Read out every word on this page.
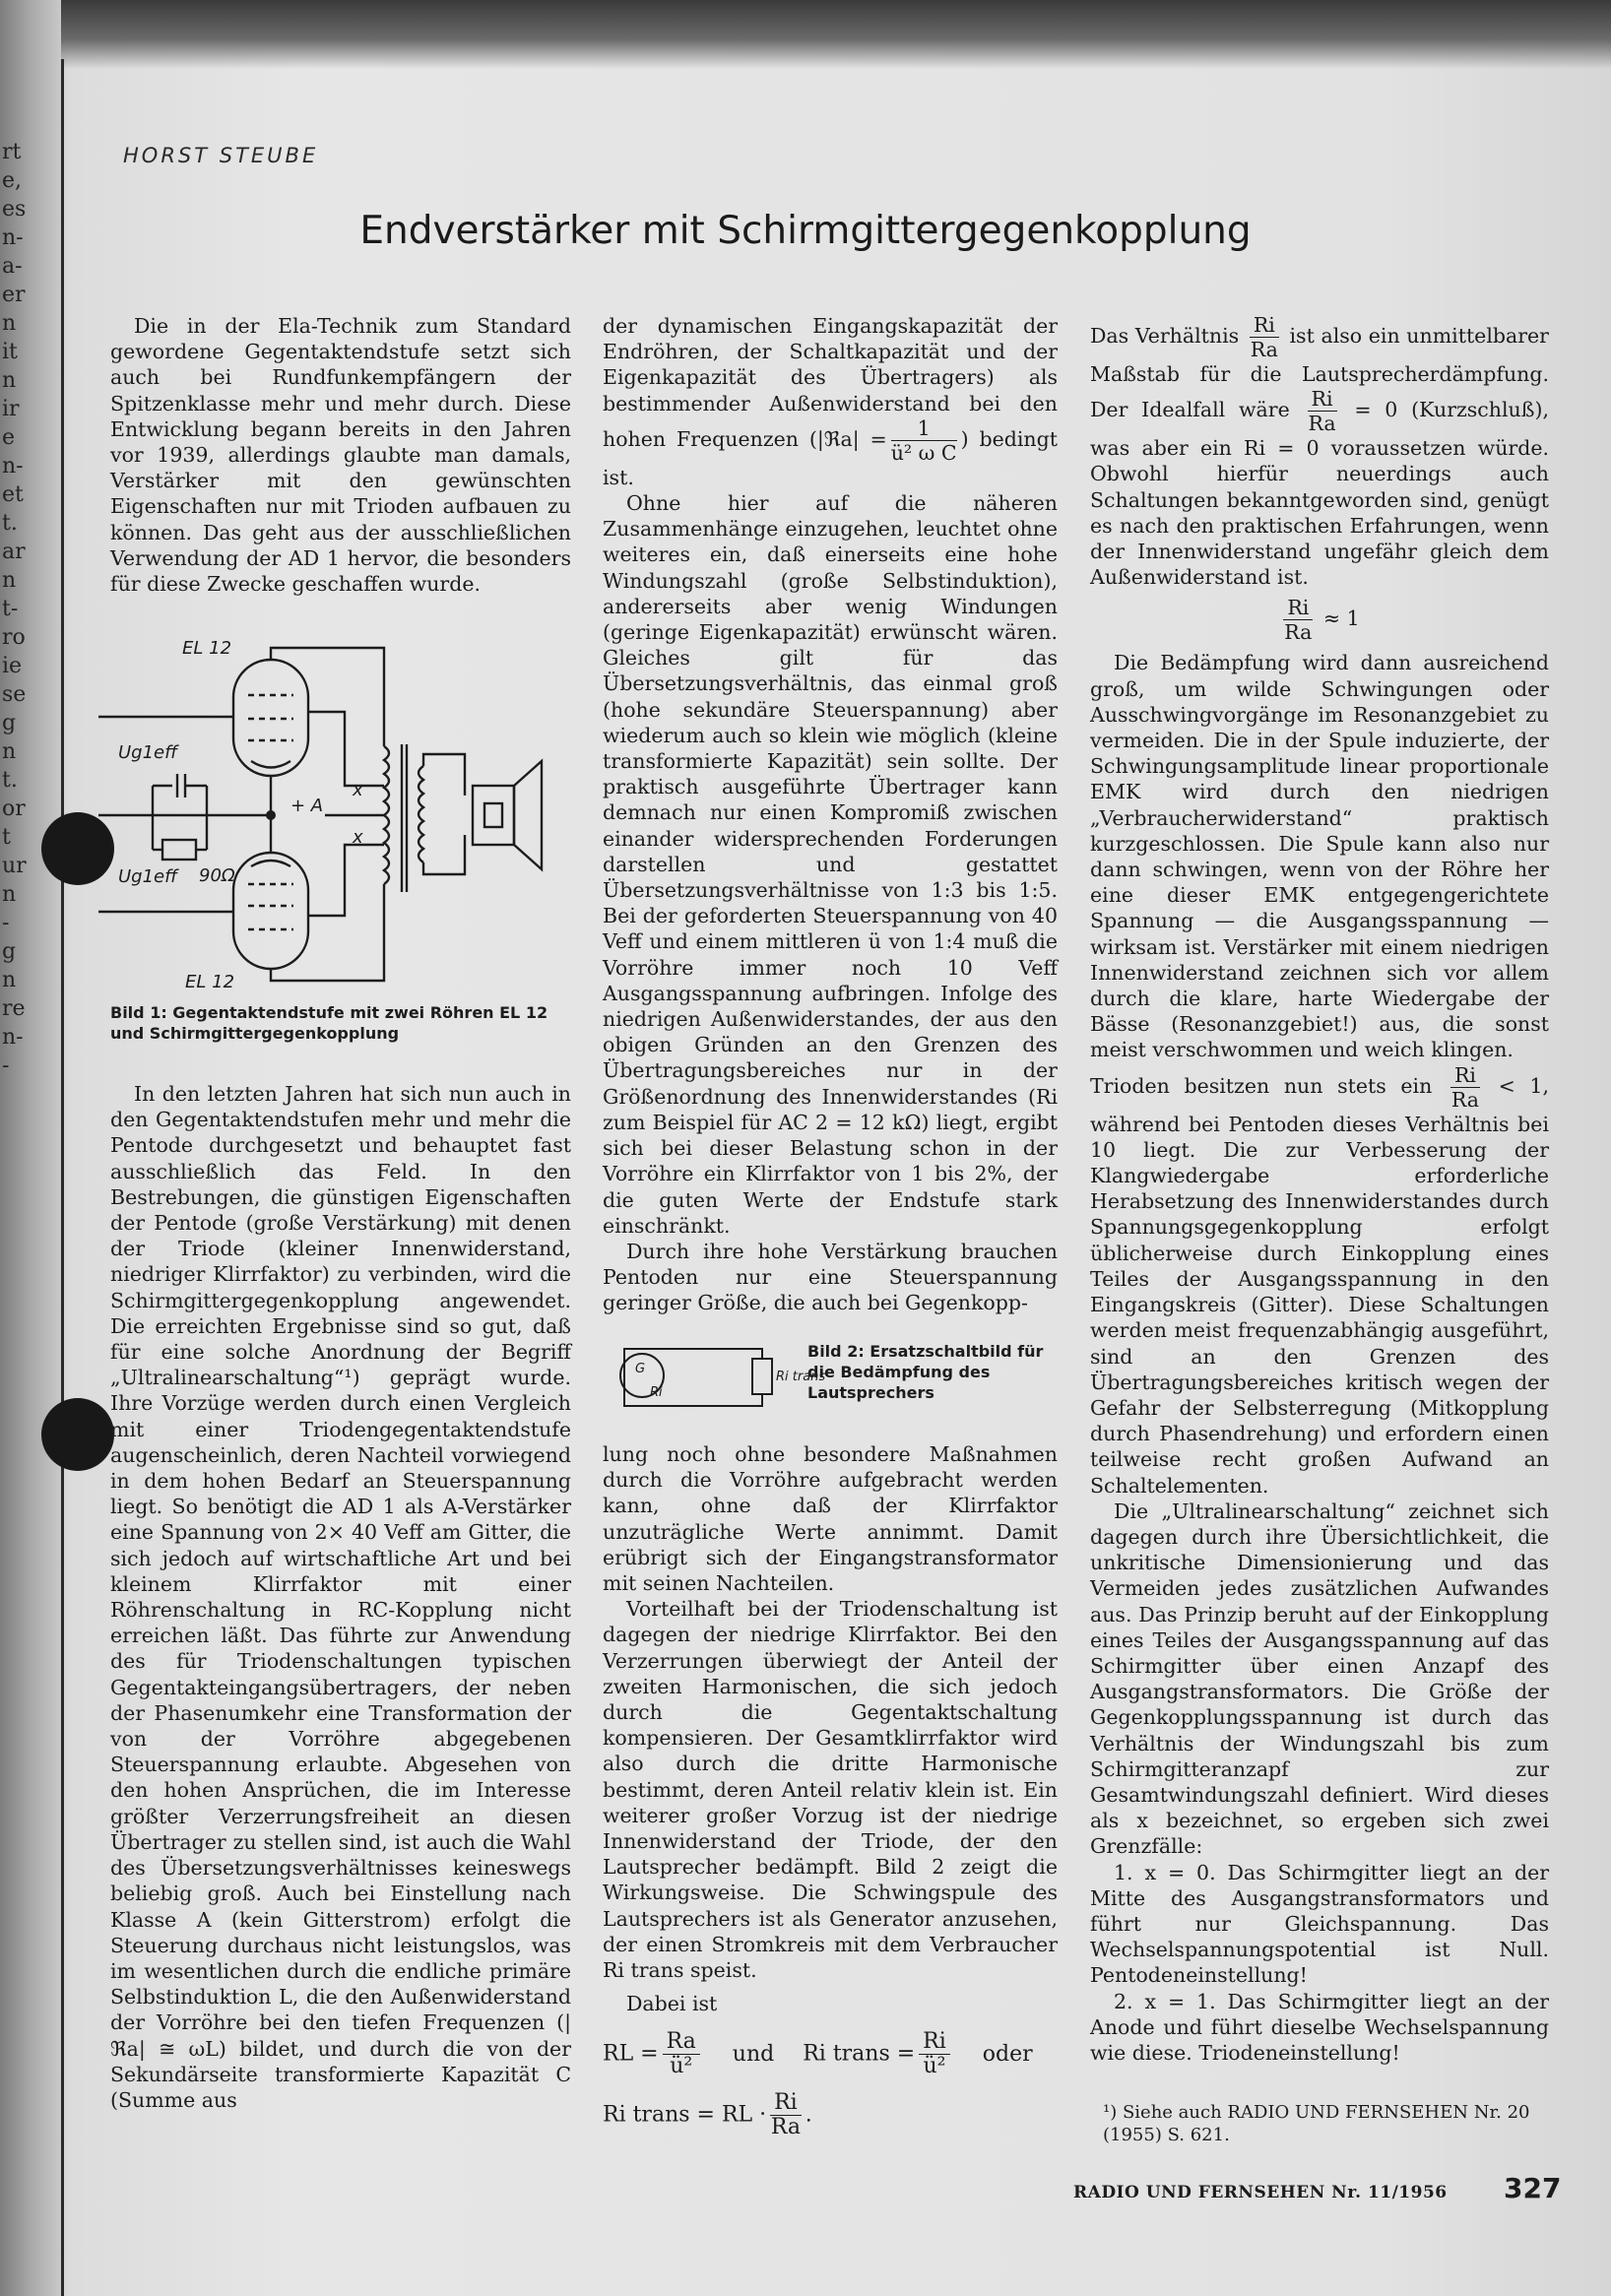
rt
e,
es
n-
a-
er
n
it
n
ir
e
n-
et
t.
ar
n
t-
ro
ie
se
g
n
t.
or
t
ur
n
-
g
n
re
n-
-
HORST STEUBE
Endverstärker mit Schirmgittergegenkopplung

Die in der Ela-Technik zum Standard gewordene Gegentaktendstufe setzt sich auch bei Rundfunkempfängern der Spitzenklasse mehr und mehr durch. Diese Entwicklung begann bereits in den Jahren vor 1939, allerdings glaubte man damals, Verstärker mit den gewünschten Eigenschaften nur mit Trioden aufbauen zu können. Das geht aus der ausschließlichen Verwendung der AD 1 hervor, die besonders für diese Zwecke geschaffen wurde.

EL 12
EL 12
Ug1eff
Ug1eff 90Ω
+ A
x
x
Bild 1: Gegentaktendstufe mit zwei Röhren EL 12 und Schirmgittergegenkopplung

In den letzten Jahren hat sich nun auch in den Gegentaktendstufen mehr und mehr die Pentode durchgesetzt und behauptet fast ausschließlich das Feld. In den Bestrebungen, die günstigen Eigenschaften der Pentode (große Verstärkung) mit denen der Triode (kleiner Innenwiderstand, niedriger Klirrfaktor) zu verbinden, wird die Schirmgittergegenkopplung angewendet. Die erreichten Ergebnisse sind so gut, daß für eine solche Anordnung der Begriff „Ultralinearschaltung“¹) geprägt wurde. Ihre Vorzüge werden durch einen Vergleich mit einer Triodengegentaktendstufe augenscheinlich, deren Nachteil vorwiegend in dem hohen Bedarf an Steuerspannung liegt. So benötigt die AD 1 als A-Verstärker eine Spannung von 2× 40 Veff am Gitter, die sich jedoch auf wirtschaftliche Art und bei kleinem Klirrfaktor mit einer Röhrenschaltung in RC-Kopplung nicht erreichen läßt. Das führte zur Anwendung des für Triodenschaltungen typischen Gegentakteingangsübertragers, der neben der Phasenumkehr eine Transformation der von der Vorröhre abgegebenen Steuerspannung erlaubte. Abgesehen von den hohen Ansprüchen, die im Interesse größter Verzerrungsfreiheit an diesen Übertrager zu stellen sind, ist auch die Wahl des Übersetzungsverhältnisses keineswegs beliebig groß. Auch bei Einstellung nach Klasse A (kein Gitterstrom) erfolgt die Steuerung durchaus nicht leistungslos, was im wesentlichen durch die endliche primäre Selbstinduktion L, die den Außenwiderstand der Vorröhre bei den tiefen Frequenzen (|ℜa| ≅ ωL) bildet, und durch die von der Sekundärseite transformierte Kapazität C (Summe aus

der dynamischen Eingangskapazität der Endröhren, der Schaltkapazität und der Eigenkapazität des Übertragers) als bestimmender Außenwiderstand bei den hohen Frequenzen (|ℜa| = $\frac{1}{\text{ü² ω C}}$ ) bedingt ist.

Ohne hier auf die näheren Zusammenhänge einzugehen, leuchtet ohne weiteres ein, daß einerseits eine hohe Windungszahl (große Selbstinduktion), andererseits aber wenig Windungen (geringe Eigenkapazität) erwünscht wären. Gleiches gilt für das Übersetzungsverhältnis, das einmal groß (hohe sekundäre Steuerspannung) aber wiederum auch so klein wie möglich (kleine transformierte Kapazität) sein sollte. Der praktisch ausgeführte Übertrager kann demnach nur einen Kompromiß zwischen einander widersprechenden Forderungen darstellen und gestattet Übersetzungsverhältnisse von 1:3 bis 1:5. Bei der geforderten Steuerspannung von 40 Veff und einem mittleren ü von 1:4 muß die Vorröhre immer noch 10 Veff Ausgangsspannung aufbringen. Infolge des niedrigen Außenwiderstandes, der aus den obigen Gründen an den Grenzen des Übertragungsbereiches nur in der Größenordnung des Innenwiderstandes (Ri zum Beispiel für AC 2 = 12 kΩ) liegt, ergibt sich bei dieser Belastung schon in der Vorröhre ein Klirrfaktor von 1 bis 2%, der die guten Werte der Endstufe stark einschränkt.

Durch ihre hohe Verstärkung brauchen Pentoden nur eine Steuerspannung geringer Größe, die auch bei Gegenkopp-

G
Ri
Ri trans
Bild 2: Ersatzschaltbild für die Bedämpfung des Lautsprechers

lung noch ohne besondere Maßnahmen durch die Vorröhre aufgebracht werden kann, ohne daß der Klirrfaktor unzuträgliche Werte annimmt. Damit erübrigt sich der Eingangstransformator mit seinen Nachteilen.

Vorteilhaft bei der Triodenschaltung ist dagegen der niedrige Klirrfaktor. Bei den Verzerrungen überwiegt der Anteil der zweiten Harmonischen, die sich jedoch durch die Gegentaktschaltung kompensieren. Der Gesamtklirrfaktor wird also durch die dritte Harmonische bestimmt, deren Anteil relativ klein ist. Ein weiterer großer Vorzug ist der niedrige Innenwiderstand der Triode, der den Lautsprecher bedämpft. Bild 2 zeigt die Wirkungsweise. Die Schwingspule des Lautsprechers ist als Generator anzusehen, der einen Stromkreis mit dem Verbraucher Ri trans speist.

Dabei ist

RL = $\frac{Ra}{\text{ü²}}$ und Ri trans = $\frac{Ri}{\text{ü²}}$ oder
Ri trans = RL · $\frac{Ri}{Ra}$ .

Das Verhältnis $\frac{Ri}{Ra}$ ist also ein unmittelbarer Maßstab für die Lautsprecherdämpfung. Der Idealfall wäre $\frac{Ri}{Ra} = 0$ (Kurzschluß), was aber ein Ri = 0 voraussetzen würde. Obwohl hierfür neuerdings auch Schaltungen bekanntgeworden sind, genügt es nach den praktischen Erfahrungen, wenn der Innenwiderstand ungefähr gleich dem Außenwiderstand ist.

$\frac{Ri}{Ra} \approx 1$

Die Bedämpfung wird dann ausreichend groß, um wilde Schwingungen oder Ausschwingvorgänge im Resonanzgebiet zu vermeiden. Die in der Spule induzierte, der Schwingungsamplitude linear proportionale EMK wird durch den niedrigen „Verbraucherwiderstand“ praktisch kurzgeschlossen. Die Spule kann also nur dann schwingen, wenn von der Röhre her eine dieser EMK entgegengerichtete Spannung — die Ausgangsspannung — wirksam ist. Verstärker mit einem niedrigen Innenwiderstand zeichnen sich vor allem durch die klare, harte Wiedergabe der Bässe (Resonanzgebiet!) aus, die sonst meist verschwommen und weich klingen.

Trioden besitzen nun stets ein $\frac{Ri}{Ra} < 1$, während bei Pentoden dieses Verhältnis bei 10 liegt. Die zur Verbesserung der Klangwiedergabe erforderliche Herabsetzung des Innenwiderstandes durch Spannungsgegenkopplung erfolgt üblicherweise durch Einkopplung eines Teiles der Ausgangsspannung in den Eingangskreis (Gitter). Diese Schaltungen werden meist frequenzabhängig ausgeführt, sind an den Grenzen des Übertragungsbereiches kritisch wegen der Gefahr der Selbsterregung (Mitkopplung durch Phasendrehung) und erfordern einen teilweise recht großen Aufwand an Schaltelementen.

Die „Ultralinearschaltung“ zeichnet sich dagegen durch ihre Übersichtlichkeit, die unkritische Dimensionierung und das Vermeiden jedes zusätzlichen Aufwandes aus. Das Prinzip beruht auf der Einkopplung eines Teiles der Ausgangsspannung auf das Schirmgitter über einen Anzapf des Ausgangstransformators. Die Größe der Gegenkopplungsspannung ist durch das Verhältnis der Windungszahl bis zum Schirmgitteranzapf zur Gesamtwindungszahl definiert. Wird dieses als x bezeichnet, so ergeben sich zwei Grenzfälle:

1. x = 0. Das Schirmgitter liegt an der Mitte des Ausgangstransformators und führt nur Gleichspannung. Das Wechselspannungspotential ist Null. Pentodeneinstellung!

2. x = 1. Das Schirmgitter liegt an der Anode und führt dieselbe Wechselspannung wie diese. Triodeneinstellung!

¹) Siehe auch RADIO UND FERNSEHEN Nr. 20 (1955) S. 621.
RADIO UND FERNSEHEN Nr. 11/1956 327
